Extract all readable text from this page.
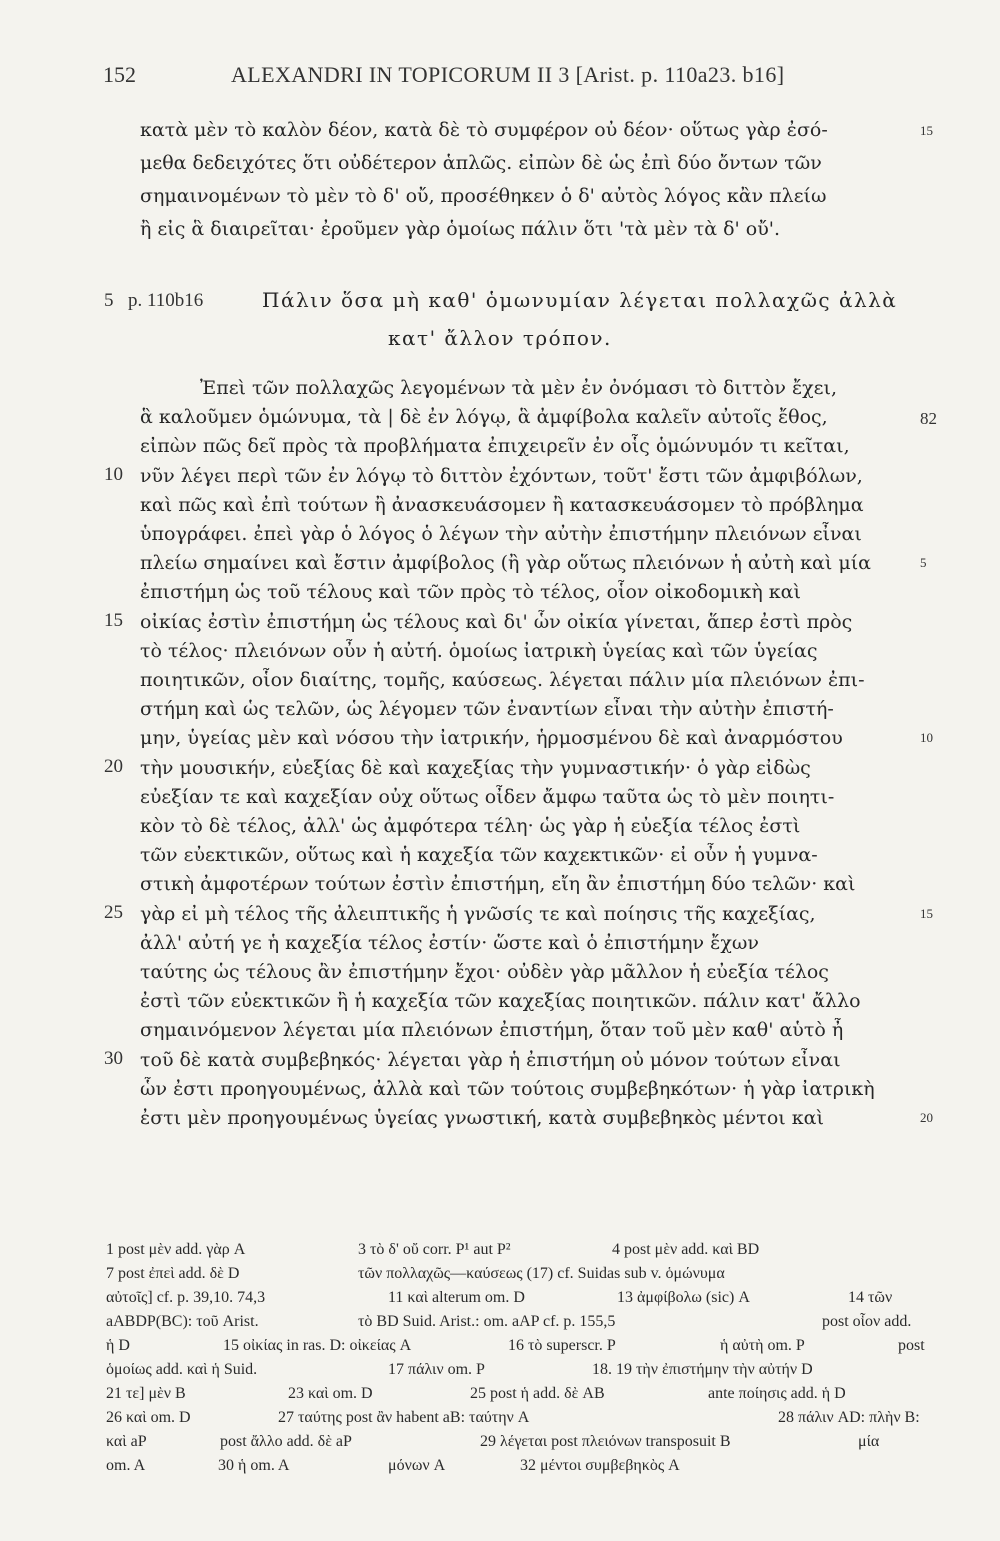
152	ALEXANDRI IN TOPICORUM II 3 [Arist. p. 110a23. b16]
κατὰ μὲν τὸ καλὸν δέον, κατὰ δὲ τὸ συμφέρον οὐ δέον· οὕτως γὰρ ἐσό-
μεθα δεδειχότες ὅτι οὐδέτερον ἁπλῶς. εἰπὼν δὲ ὡς ἐπὶ δύο ὄντων τῶν
σημαινομένων τὸ μὲν τὸ δ' οὔ, προσέθηκεν ὁ δ' αὐτὸς λόγος κἂν πλείω
ἢ εἰς ἃ διαιρεῖται· ἐροῦμεν γὰρ ὁμοίως πάλιν ὅτι 'τὰ μὲν τὰ δ' οὔ'.
15
5 p. 110b16	Πάλιν ὅσα μὴ καθ' ὁμωνυμίαν λέγεται πολλαχῶς ἀλλὰ
κατ' ἄλλον τρόπον.
Ἐπεὶ τῶν πολλαχῶς λεγομένων τὰ μὲν ἐν ὀνόμασι τὸ διττὸν ἔχει,
ἃ καλοῦμεν ὁμώνυμα, τὰ | δὲ ἐν λόγῳ, ἃ ἀμφίβολα καλεῖν αὐτοῖς ἔθος,
εἰπὼν πῶς δεῖ πρὸς τὰ προβλήματα ἐπιχειρεῖν ἐν οἷς ὁμώνυμόν τι κεῖται,
νῦν λέγει περὶ τῶν ἐν λόγῳ τὸ διττὸν ἐχόντων, τοῦτ' ἔστι τῶν ἀμφιβόλων,
καὶ πῶς καὶ ἐπὶ τούτων ἢ ἀνασκευάσομεν ἢ κατασκευάσομεν τὸ πρόβλημα
ὑπογράφει. ἐπεὶ γὰρ ὁ λόγος ὁ λέγων τὴν αὐτὴν ἐπιστήμην πλειόνων εἶναι
πλείω σημαίνει καὶ ἔστιν ἀμφίβολος (ἢ γὰρ οὕτως πλειόνων ἡ αὐτὴ καὶ μία
ἐπιστήμη ὡς τοῦ τέλους καὶ τῶν πρὸς τὸ τέλος, οἷον οἰκοδομικὴ καὶ
οἰκίας ἐστὶν ἐπιστήμη ὡς τέλους καὶ δι' ὧν οἰκία γίνεται, ἅπερ ἐστὶ πρὸς
τὸ τέλος· πλειόνων οὖν ἡ αὐτή. ὁμοίως ἰατρικὴ ὑγείας καὶ τῶν ὑγείας
ποιητικῶν, οἷον διαίτης, τομῆς, καύσεως. λέγεται πάλιν μία πλειόνων ἐπι-
στήμη καὶ ὡς τελῶν, ὡς λέγομεν τῶν ἐναντίων εἶναι τὴν αὐτὴν ἐπιστή-
μην, ὑγείας μὲν καὶ νόσου τὴν ἰατρικήν, ἡρμοσμένου δὲ καὶ ἀναρμόστου
τὴν μουσικήν, εὐεξίας δὲ καὶ καχεξίας τὴν γυμναστικήν· ὁ γὰρ εἰδὼς
εὐεξίαν τε καὶ καχεξίαν οὐχ οὕτως οἶδεν ἄμφω ταῦτα ὡς τὸ μὲν ποιητι-
κὸν τὸ δὲ τέλος, ἀλλ' ὡς ἀμφότερα τέλη· ὡς γὰρ ἡ εὐεξία τέλος ἐστὶ
τῶν εὐεκτικῶν, οὕτως καὶ ἡ καχεξία τῶν καχεκτικῶν· εἰ οὖν ἡ γυμνα-
στικὴ ἀμφοτέρων τούτων ἐστὶν ἐπιστήμη, εἴη ἂν ἐπιστήμη δύο τελῶν· καὶ
γὰρ εἰ μὴ τέλος τῆς ἀλειπτικῆς ἡ γνῶσίς τε καὶ ποίησις τῆς καχεξίας,
ἀλλ' αὐτή γε ἡ καχεξία τέλος ἐστίν· ὥστε καὶ ὁ ἐπιστήμην ἔχων
ταύτης ὡς τέλους ἂν ἐπιστήμην ἔχοι· οὐδὲν γὰρ μᾶλλον ἡ εὐεξία τέλος
ἐστὶ τῶν εὐεκτικῶν ἢ ἡ καχεξία τῶν καχεξίας ποιητικῶν. πάλιν κατ' ἄλλο
σημαινόμενον λέγεται μία πλειόνων ἐπιστήμη, ὅταν τοῦ μὲν καθ' αὑτὸ ἦ
τοῦ δὲ κατὰ συμβεβηκός· λέγεται γὰρ ἡ ἐπιστήμη οὐ μόνον τούτων εἶναι
ὧν ἐστι προηγουμένως, ἀλλὰ καὶ τῶν τούτοις συμβεβηκότων· ἡ γὰρ ἰατρικὴ
ἐστι μὲν προηγουμένως ὑγείας γνωστική, κατὰ συμβεβηκὸς μέντοι καὶ
10
15
20
25
30
82
5
10
15
20
1 post μὲν add. γὰρ A	3 τὸ δ' οὔ corr. P¹ aut P²	4 post μὲν add. καὶ BD
7 post ἐπεὶ add. δὲ D	τῶν πολλαχῶς—καύσεως (17) cf. Suidas sub v. ὁμώνυμα
αὐτοῖς] cf. p. 39,10. 74,3	11 καὶ alterum om. D	13 ἀμφίβολω (sic) A	14 τῶν
aABDP(BC): τοῦ Arist.	τὸ BD Suid. Arist.: om. aAP cf. p. 155,5	post οἷον add.
ἡ D	15 οἰκίας in ras. D: οἰκείας A	16 τὸ superscr. P	ἡ αὐτὴ om. P	post
ὁμοίως add. καὶ ἡ Suid.	17 πάλιν om. P	18. 19 τὴν ἐπιστήμην τὴν αὐτήν D
21 τε] μὲν B	23 καὶ om. D	25 post ἡ add. δὲ AB	ante ποίησις add. ἡ D
26 καὶ om. D	27 ταύτης post ἂν habent aB: ταύτην A	28 πάλιν AD: πλὴν B:
καὶ aP	post ἄλλο add. δὲ aP	29 λέγεται post πλειόνων transposuit B	μία
om. A	30 ἡ om. A	μόνων A	32 μέντοι συμβεβηκὸς A
